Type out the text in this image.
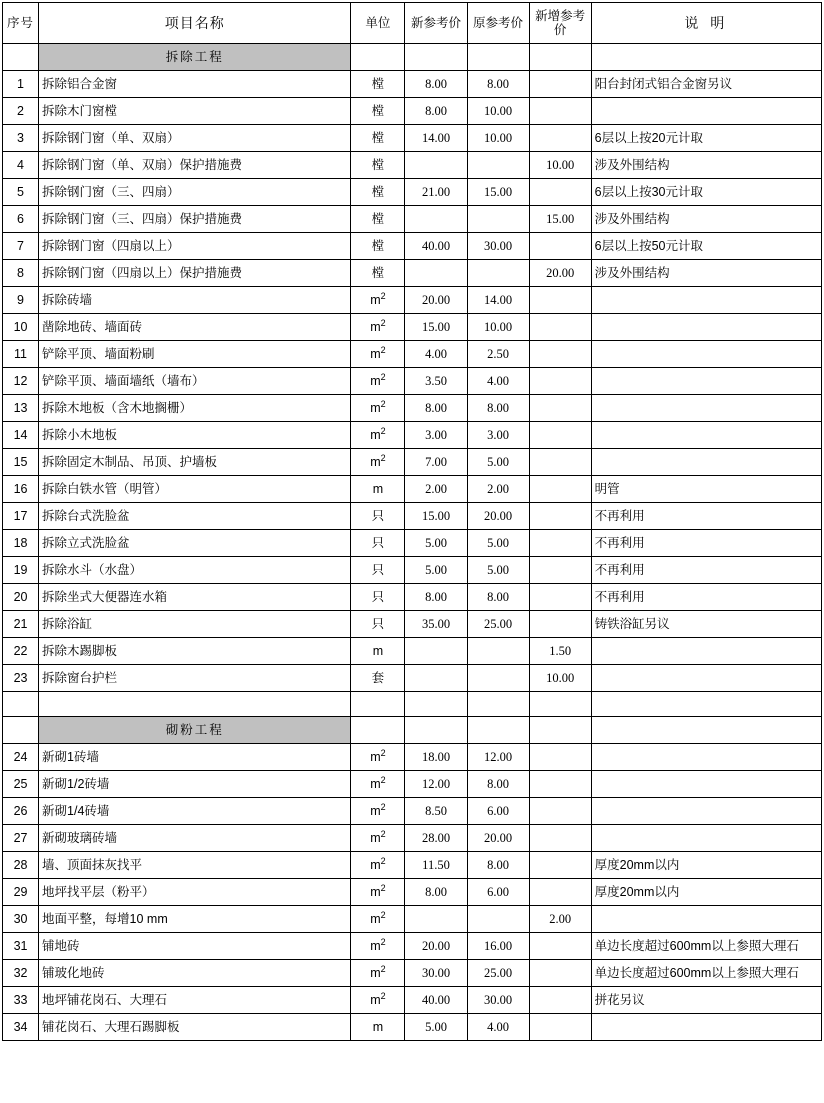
序号	项目名称	单位	新参考价	原参考价	新增参考价	说 明
	拆除工程					
1	拆除铝合金窗	樘	8.00	8.00		阳台封闭式铝合金窗另议
2	拆除木门窗樘	樘	8.00	10.00		
3	拆除钢门窗（单、双扇）	樘	14.00	10.00		6层以上按20元计取
4	拆除钢门窗（单、双扇）保护措施费	樘			10.00	涉及外围结构
5	拆除钢门窗（三、四扇）	樘	21.00	15.00		6层以上按30元计取
6	拆除钢门窗（三、四扇）保护措施费	樘			15.00	涉及外围结构
7	拆除钢门窗（四扇以上）	樘	40.00	30.00		6层以上按50元计取
8	拆除钢门窗（四扇以上）保护措施费	樘			20.00	涉及外围结构
9	拆除砖墙	$m^2$	20.00	14.00		
10	凿除地砖、墙面砖	$m^2$	15.00	10.00		
11	铲除平顶、墙面粉刷	$m^2$	4.00	2.50		
12	铲除平顶、墙面墙纸（墙布）	$m^2$	3.50	4.00		
13	拆除木地板（含木地搁栅）	$m^2$	8.00	8.00		
14	拆除小木地板	$m^2$	3.00	3.00		
15	拆除固定木制品、吊顶、护墙板	$m^2$	7.00	5.00		
16	拆除白铁水管（明管）	m	2.00	2.00		明管
17	拆除台式洗脸盆	只	15.00	20.00		不再利用
18	拆除立式洗脸盆	只	5.00	5.00		不再利用
19	拆除水斗（水盘）	只	5.00	5.00		不再利用
20	拆除坐式大便器连水箱	只	8.00	8.00		不再利用
21	拆除浴缸	只	35.00	25.00		铸铁浴缸另议
22	拆除木踢脚板	m			1.50	
23	拆除窗台护栏	套			10.00	

	砌粉工程					
24	新砌1砖墙	$m^2$	18.00	12.00		
25	新砌1/2砖墙	$m^2$	12.00	8.00		
26	新砌1/4砖墙	$m^2$	8.50	6.00		
27	新砌玻璃砖墙	$m^2$	28.00	20.00		
28	墙、顶面抹灰找平	$m^2$	11.50	8.00		厚度20mm以内
29	地坪找平层（粉平）	$m^2$	8.00	6.00		厚度20mm以内
30	地面平整，每增10 mm	$m^2$			2.00	
31	铺地砖	$m^2$	20.00	16.00		单边长度超过600mm以上参照大理石
32	铺玻化地砖	$m^2$	30.00	25.00		单边长度超过600mm以上参照大理石
33	地坪铺花岗石、大理石	$m^2$	40.00	30.00		拼花另议
34	铺花岗石、大理石踢脚板	m	5.00	4.00		
